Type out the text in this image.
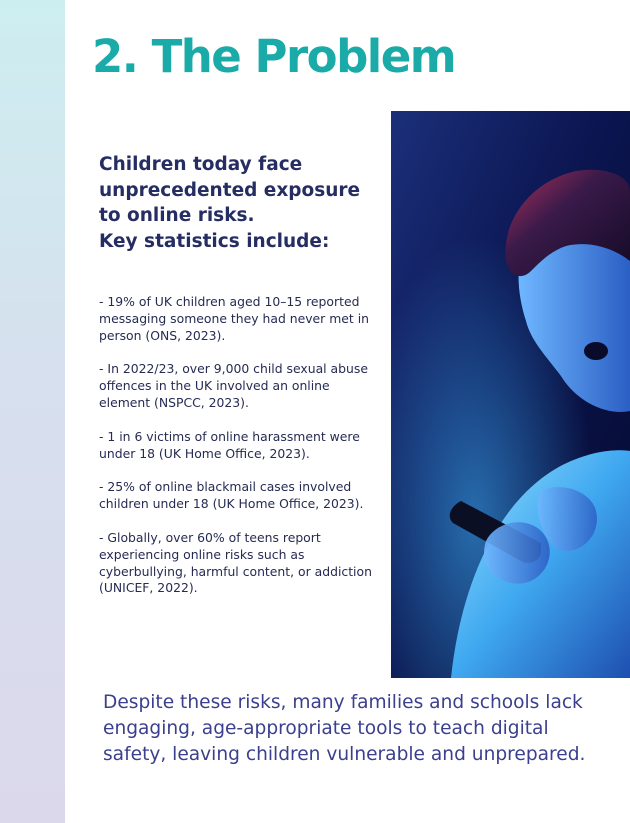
2. The Problem

Children today face
unprecedented exposure
to online risks.
Key statistics include:

- 19% of UK children aged 10–15 reported messaging someone they had never met in person (ONS, 2023).
- In 2022/23, over 9,000 child sexual abuse offences in the UK involved an online element (NSPCC, 2023).
- 1 in 6 victims of online harassment were under 18 (UK Home Office, 2023).
- 25% of online blackmail cases involved children under 18 (UK Home Office, 2023).
- Globally, over 60% of teens report experiencing online risks such as cyberbullying, harmful content, or addiction (UNICEF, 2022).

Despite these risks, many families and schools lack
engaging, age-appropriate tools to teach digital
safety, leaving children vulnerable and unprepared.
